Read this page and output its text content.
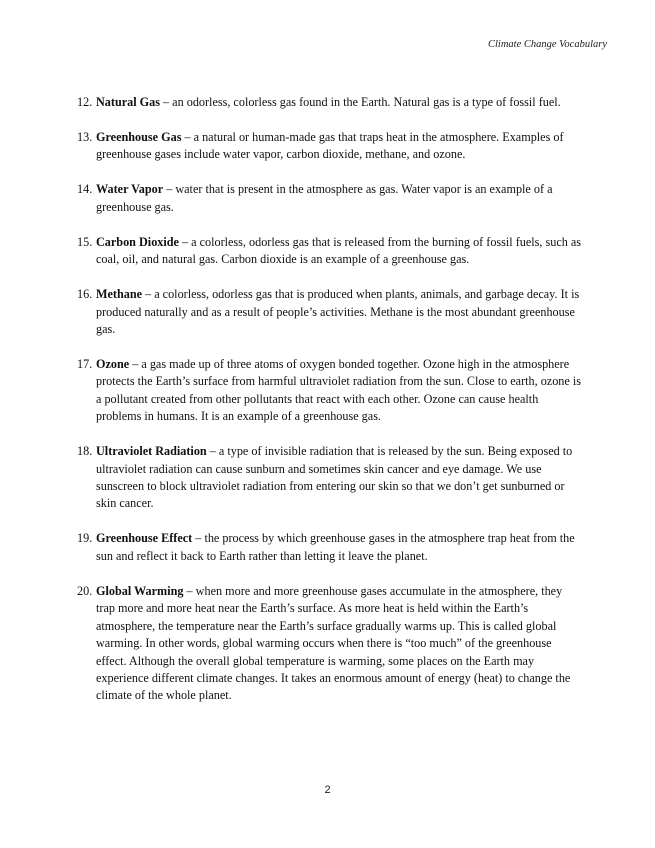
Climate Change Vocabulary
12. Natural Gas – an odorless, colorless gas found in the Earth. Natural gas is a type of fossil fuel.
13. Greenhouse Gas – a natural or human-made gas that traps heat in the atmosphere. Examples of greenhouse gases include water vapor, carbon dioxide, methane, and ozone.
14. Water Vapor – water that is present in the atmosphere as gas. Water vapor is an example of a greenhouse gas.
15. Carbon Dioxide – a colorless, odorless gas that is released from the burning of fossil fuels, such as coal, oil, and natural gas. Carbon dioxide is an example of a greenhouse gas.
16. Methane – a colorless, odorless gas that is produced when plants, animals, and garbage decay. It is produced naturally and as a result of people’s activities. Methane is the most abundant greenhouse gas.
17. Ozone – a gas made up of three atoms of oxygen bonded together. Ozone high in the atmosphere protects the Earth’s surface from harmful ultraviolet radiation from the sun. Close to earth, ozone is a pollutant created from other pollutants that react with each other. Ozone can cause health problems in humans. It is an example of a greenhouse gas.
18. Ultraviolet Radiation – a type of invisible radiation that is released by the sun. Being exposed to ultraviolet radiation can cause sunburn and sometimes skin cancer and eye damage. We use sunscreen to block ultraviolet radiation from entering our skin so that we don’t get sunburned or skin cancer.
19. Greenhouse Effect – the process by which greenhouse gases in the atmosphere trap heat from the sun and reflect it back to Earth rather than letting it leave the planet.
20. Global Warming – when more and more greenhouse gases accumulate in the atmosphere, they trap more and more heat near the Earth’s surface. As more heat is held within the Earth’s atmosphere, the temperature near the Earth’s surface gradually warms up. This is called global warming. In other words, global warming occurs when there is “too much” of the greenhouse effect. Although the overall global temperature is warming, some places on the Earth may experience different climate changes. It takes an enormous amount of energy (heat) to change the climate of the whole planet.
2
